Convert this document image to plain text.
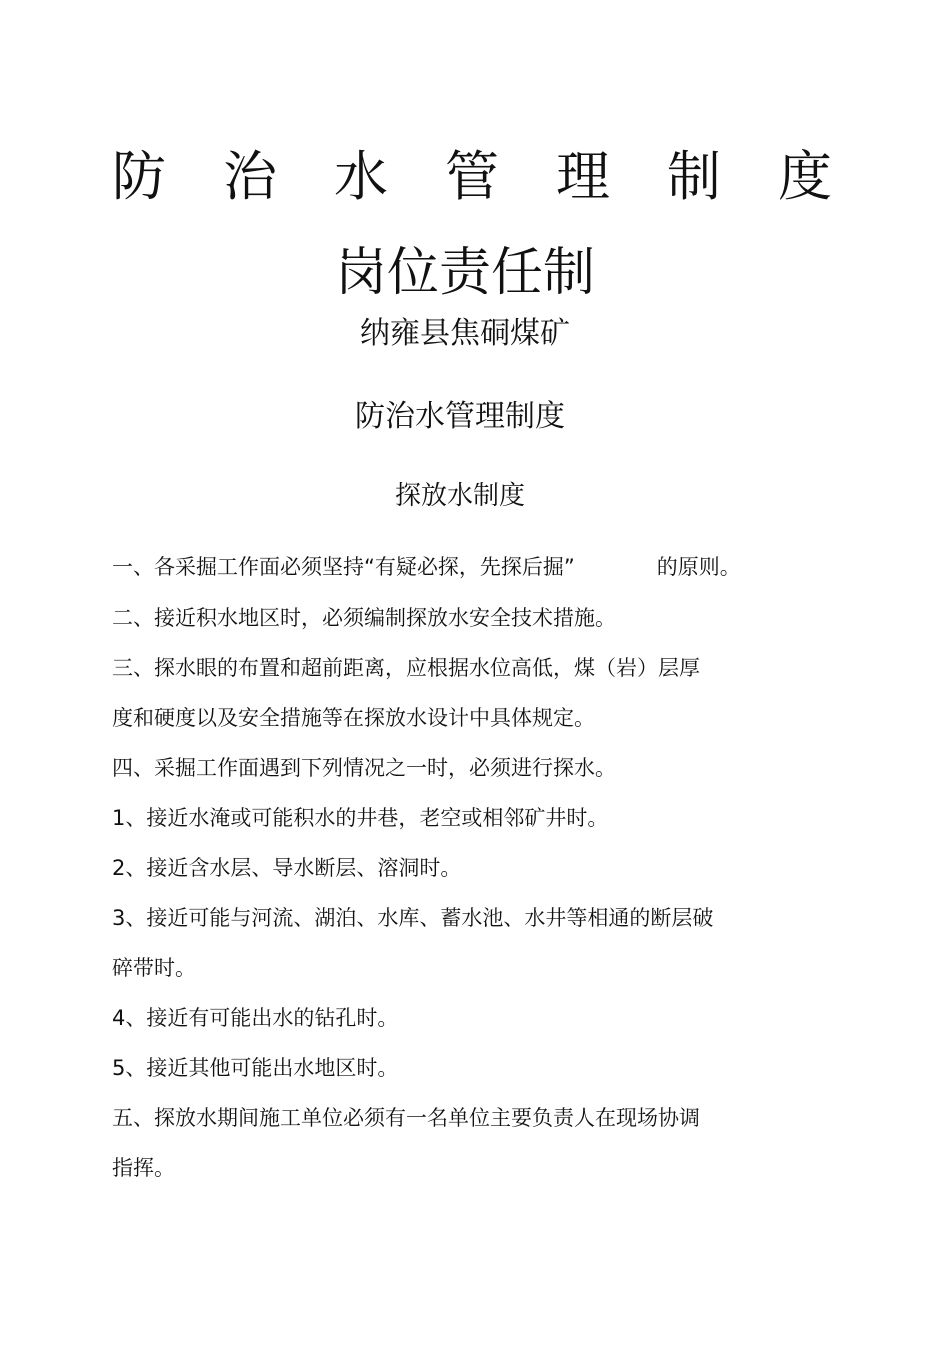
防 治 水 管 理 制 度
岗位责任制
纳雍县焦硐煤矿
防治水管理制度
探放水制度
一、各采掘工作面必须坚持“有疑必探，先探后掘”	的原则。
二、接近积水地区时，必须编制探放水安全技术措施。
三、探水眼的布置和超前距离，应根据水位高低，煤（岩）层厚
度和硬度以及安全措施等在探放水设计中具体规定。
四、采掘工作面遇到下列情况之一时，必须进行探水。
1、接近水淹或可能积水的井巷，老空或相邻矿井时。
2、接近含水层、导水断层、溶洞时。
3、接近可能与河流、湖泊、水库、蓄水池、水井等相通的断层破
碎带时。
4、接近有可能出水的钻孔时。
5、接近其他可能出水地区时。
五、探放水期间施工单位必须有一名单位主要负责人在现场协调
指挥。
